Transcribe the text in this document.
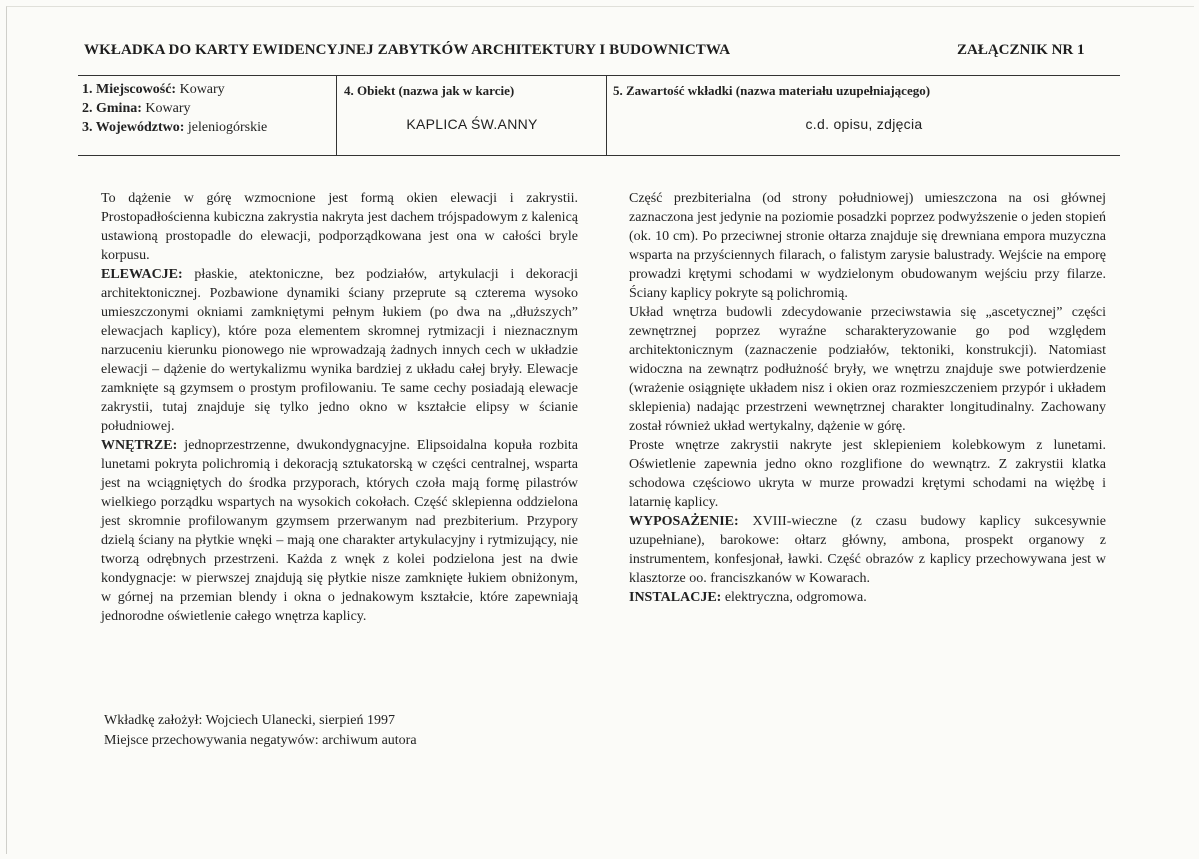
WKŁADKA DO KARTY EWIDENCYJNEJ ZABYTKÓW ARCHITEKTURY I BUDOWNICTWA	ZAŁĄCZNIK NR 1
1. Miejscowość: Kowary
2. Gmina: Kowary
3. Województwo: jeleniogórskie
4. Obiekt (nazwa jak w karcie)
KAPLICA ŚW.ANNY
5. Zawartość wkładki (nazwa materiału uzupełniającego)
c.d. opisu, zdjęcia

To dążenie w górę wzmocnione jest formą okien elewacji i zakrystii. Prostopadłościenna kubiczna zakrystia nakryta jest dachem trójspadowym z kalenicą ustawioną prostopadle do elewacji, podporządkowana jest ona w całości bryle korpusu.

ELEWACJE: płaskie, atektoniczne, bez podziałów, artykulacji i dekoracji architektonicznej. Pozbawione dynamiki ściany przeprute są czterema wysoko umieszczonymi okniami zamkniętymi pełnym łukiem (po dwa na „dłuższych” elewacjach kaplicy), które poza elementem skromnej rytmizacji i nieznacznym narzuceniu kierunku pionowego nie wprowadzają żadnych innych cech w układzie elewacji – dążenie do wertykalizmu wynika bardziej z układu całej bryły. Elewacje zamknięte są gzymsem o prostym profilowaniu. Te same cechy posiadają elewacje zakrystii, tutaj znajduje się tylko jedno okno w kształcie elipsy w ścianie południowej.

WNĘTRZE: jednoprzestrzenne, dwukondygnacyjne. Elipsoidalna kopuła rozbita lunetami pokryta polichromią i dekoracją sztukatorską w części centralnej, wsparta jest na wciągniętych do środka przyporach, których czoła mają formę pilastrów wielkiego porządku wspartych na wysokich cokołach. Część sklepienna oddzielona jest skromnie profilowanym gzymsem przerwanym nad prezbiterium. Przypory dzielą ściany na płytkie wnęki – mają one charakter artykulacyjny i rytmizujący, nie tworzą odrębnych przestrzeni. Każda z wnęk z kolei podzielona jest na dwie kondygnacje: w pierwszej znajdują się płytkie nisze zamknięte łukiem obniżonym, w górnej na przemian blendy i okna o jednakowym kształcie, które zapewniają jednorodne oświetlenie całego wnętrza kaplicy.

Część prezbiterialna (od strony południowej) umieszczona na osi głównej zaznaczona jest jedynie na poziomie posadzki poprzez podwyższenie o jeden stopień (ok. 10 cm). Po przeciwnej stronie ołtarza znajduje się drewniana empora muzyczna wsparta na przyściennych filarach, o falistym zarysie balustrady. Wejście na emporę prowadzi krętymi schodami w wydzielonym obudowanym wejściu przy filarze. Ściany kaplicy pokryte są polichromią.

Układ wnętrza budowli zdecydowanie przeciwstawia się „ascetycznej” części zewnętrznej poprzez wyraźne scharakteryzowanie go pod względem architektonicznym (zaznaczenie podziałów, tektoniki, konstrukcji). Natomiast widoczna na zewnątrz podłużność bryły, we wnętrzu znajduje swe potwierdzenie (wrażenie osiągnięte układem nisz i okien oraz rozmieszczeniem przypór i układem sklepienia) nadając przestrzeni wewnętrznej charakter longitudinalny. Zachowany został również układ wertykalny, dążenie w górę.

Proste wnętrze zakrystii nakryte jest sklepieniem kolebkowym z lunetami. Oświetlenie zapewnia jedno okno rozglifione do wewnątrz. Z zakrystii klatka schodowa częściowo ukryta w murze prowadzi krętymi schodami na więżbę i latarnię kaplicy.

WYPOSAŻENIE: XVIII-wieczne (z czasu budowy kaplicy sukcesywnie uzupełniane), barokowe: ołtarz główny, ambona, prospekt organowy z instrumentem, konfesjonał, ławki. Część obrazów z kaplicy przechowywana jest w klasztorze oo. franciszkanów w Kowarach.

INSTALACJE: elektryczna, odgromowa.

Wkładkę założył: Wojciech Ulanecki, sierpień 1997
Miejsce przechowywania negatywów: archiwum autora
